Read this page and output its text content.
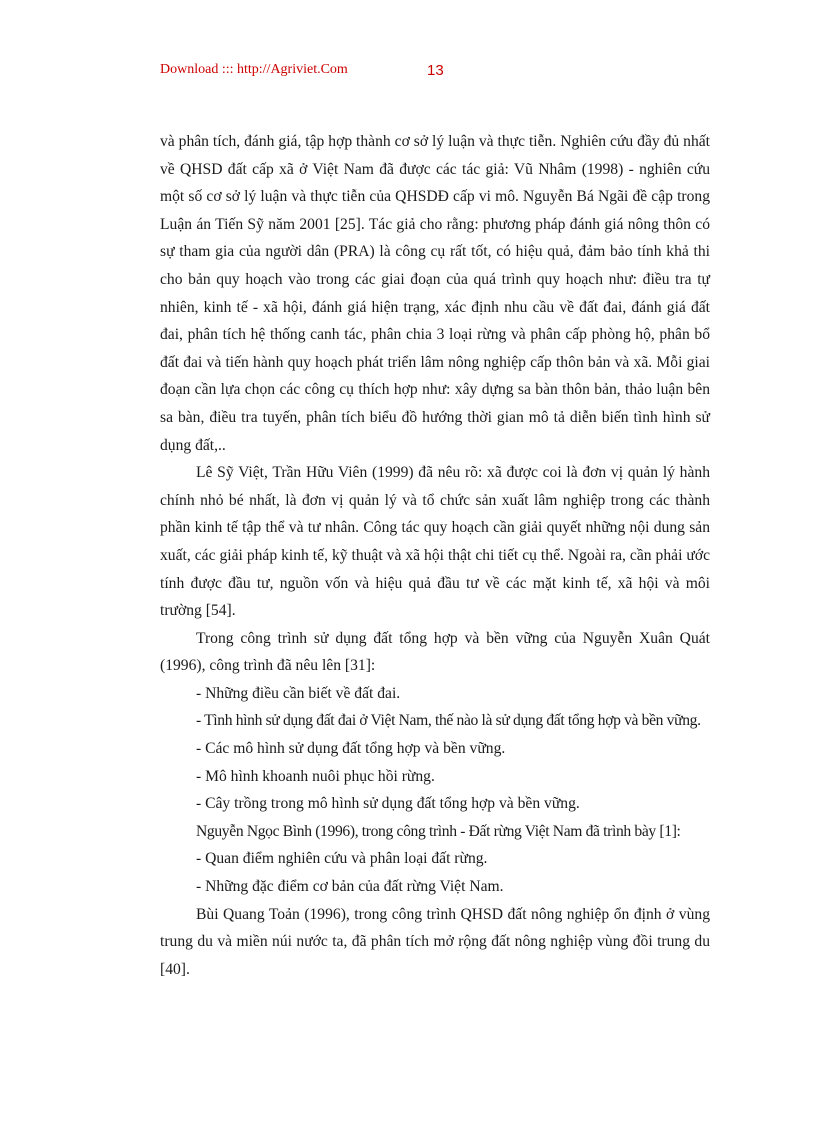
Download ::: http://Agriviet.Com	13

và phân tích, đánh giá, tập hợp thành cơ sở lý luận và thực tiễn. Nghiên cứu đầy đủ nhất về QHSD đất cấp xã ở Việt Nam đã được các tác giả: Vũ Nhâm (1998) - nghiên cứu một số cơ sở lý luận và thực tiễn của QHSDĐ cấp vi mô. Nguyễn Bá Ngãi đề cập trong Luận án Tiến Sỹ năm 2001 [25]. Tác giả cho rằng: phương pháp đánh giá nông thôn có sự tham gia của người dân (PRA) là công cụ rất tốt, có hiệu quả, đảm bảo tính khả thi cho bản quy hoạch vào trong các giai đoạn của quá trình quy hoạch như: điều tra tự nhiên, kinh tế - xã hội, đánh giá hiện trạng, xác định nhu cầu về đất đai, đánh giá đất đai, phân tích hệ thống canh tác, phân chia 3 loại rừng và phân cấp phòng hộ, phân bổ đất đai và tiến hành quy hoạch phát triển lâm nông nghiệp cấp thôn bản và xã. Mỗi giai đoạn cần lựa chọn các công cụ thích hợp như: xây dựng sa bàn thôn bản, thảo luận bên sa bàn, điều tra tuyến, phân tích biểu đồ hướng thời gian mô tả diễn biến tình hình sử dụng đất,..

Lê Sỹ Việt, Trần Hữu Viên (1999) đã nêu rõ: xã được coi là đơn vị quản lý hành chính nhỏ bé nhất, là đơn vị quản lý và tổ chức sản xuất lâm nghiệp trong các thành phần kinh tế tập thể và tư nhân. Công tác quy hoạch cần giải quyết những nội dung sản xuất, các giải pháp kinh tế, kỹ thuật và xã hội thật chi tiết cụ thể. Ngoài ra, cần phải ước tính được đầu tư, nguồn vốn và hiệu quả đầu tư về các mặt kinh tế, xã hội và môi trường [54].

Trong công trình sử dụng đất tổng hợp và bền vững của Nguyễn Xuân Quát (1996), công trình đã nêu lên [31]:

- Những điều cần biết về đất đai.

- Tình hình sử dụng đất đai ở Việt Nam, thế nào là sử dụng đất tổng hợp và bền vững.

- Các mô hình sử dụng đất tổng hợp và bền vững.

- Mô hình khoanh nuôi phục hồi rừng.

- Cây trồng trong mô hình sử dụng đất tổng hợp và bền vững.

Nguyễn Ngọc Bình (1996), trong công trình - Đất rừng Việt Nam đã trình bày [1]:

- Quan điểm nghiên cứu và phân loại đất rừng.

- Những đặc điểm cơ bản của đất rừng Việt Nam.

Bùi Quang Toản (1996), trong công trình QHSD đất nông nghiệp ổn định ở vùng trung du và miền núi nước ta, đã phân tích mở rộng đất nông nghiệp vùng đồi trung du [40].
